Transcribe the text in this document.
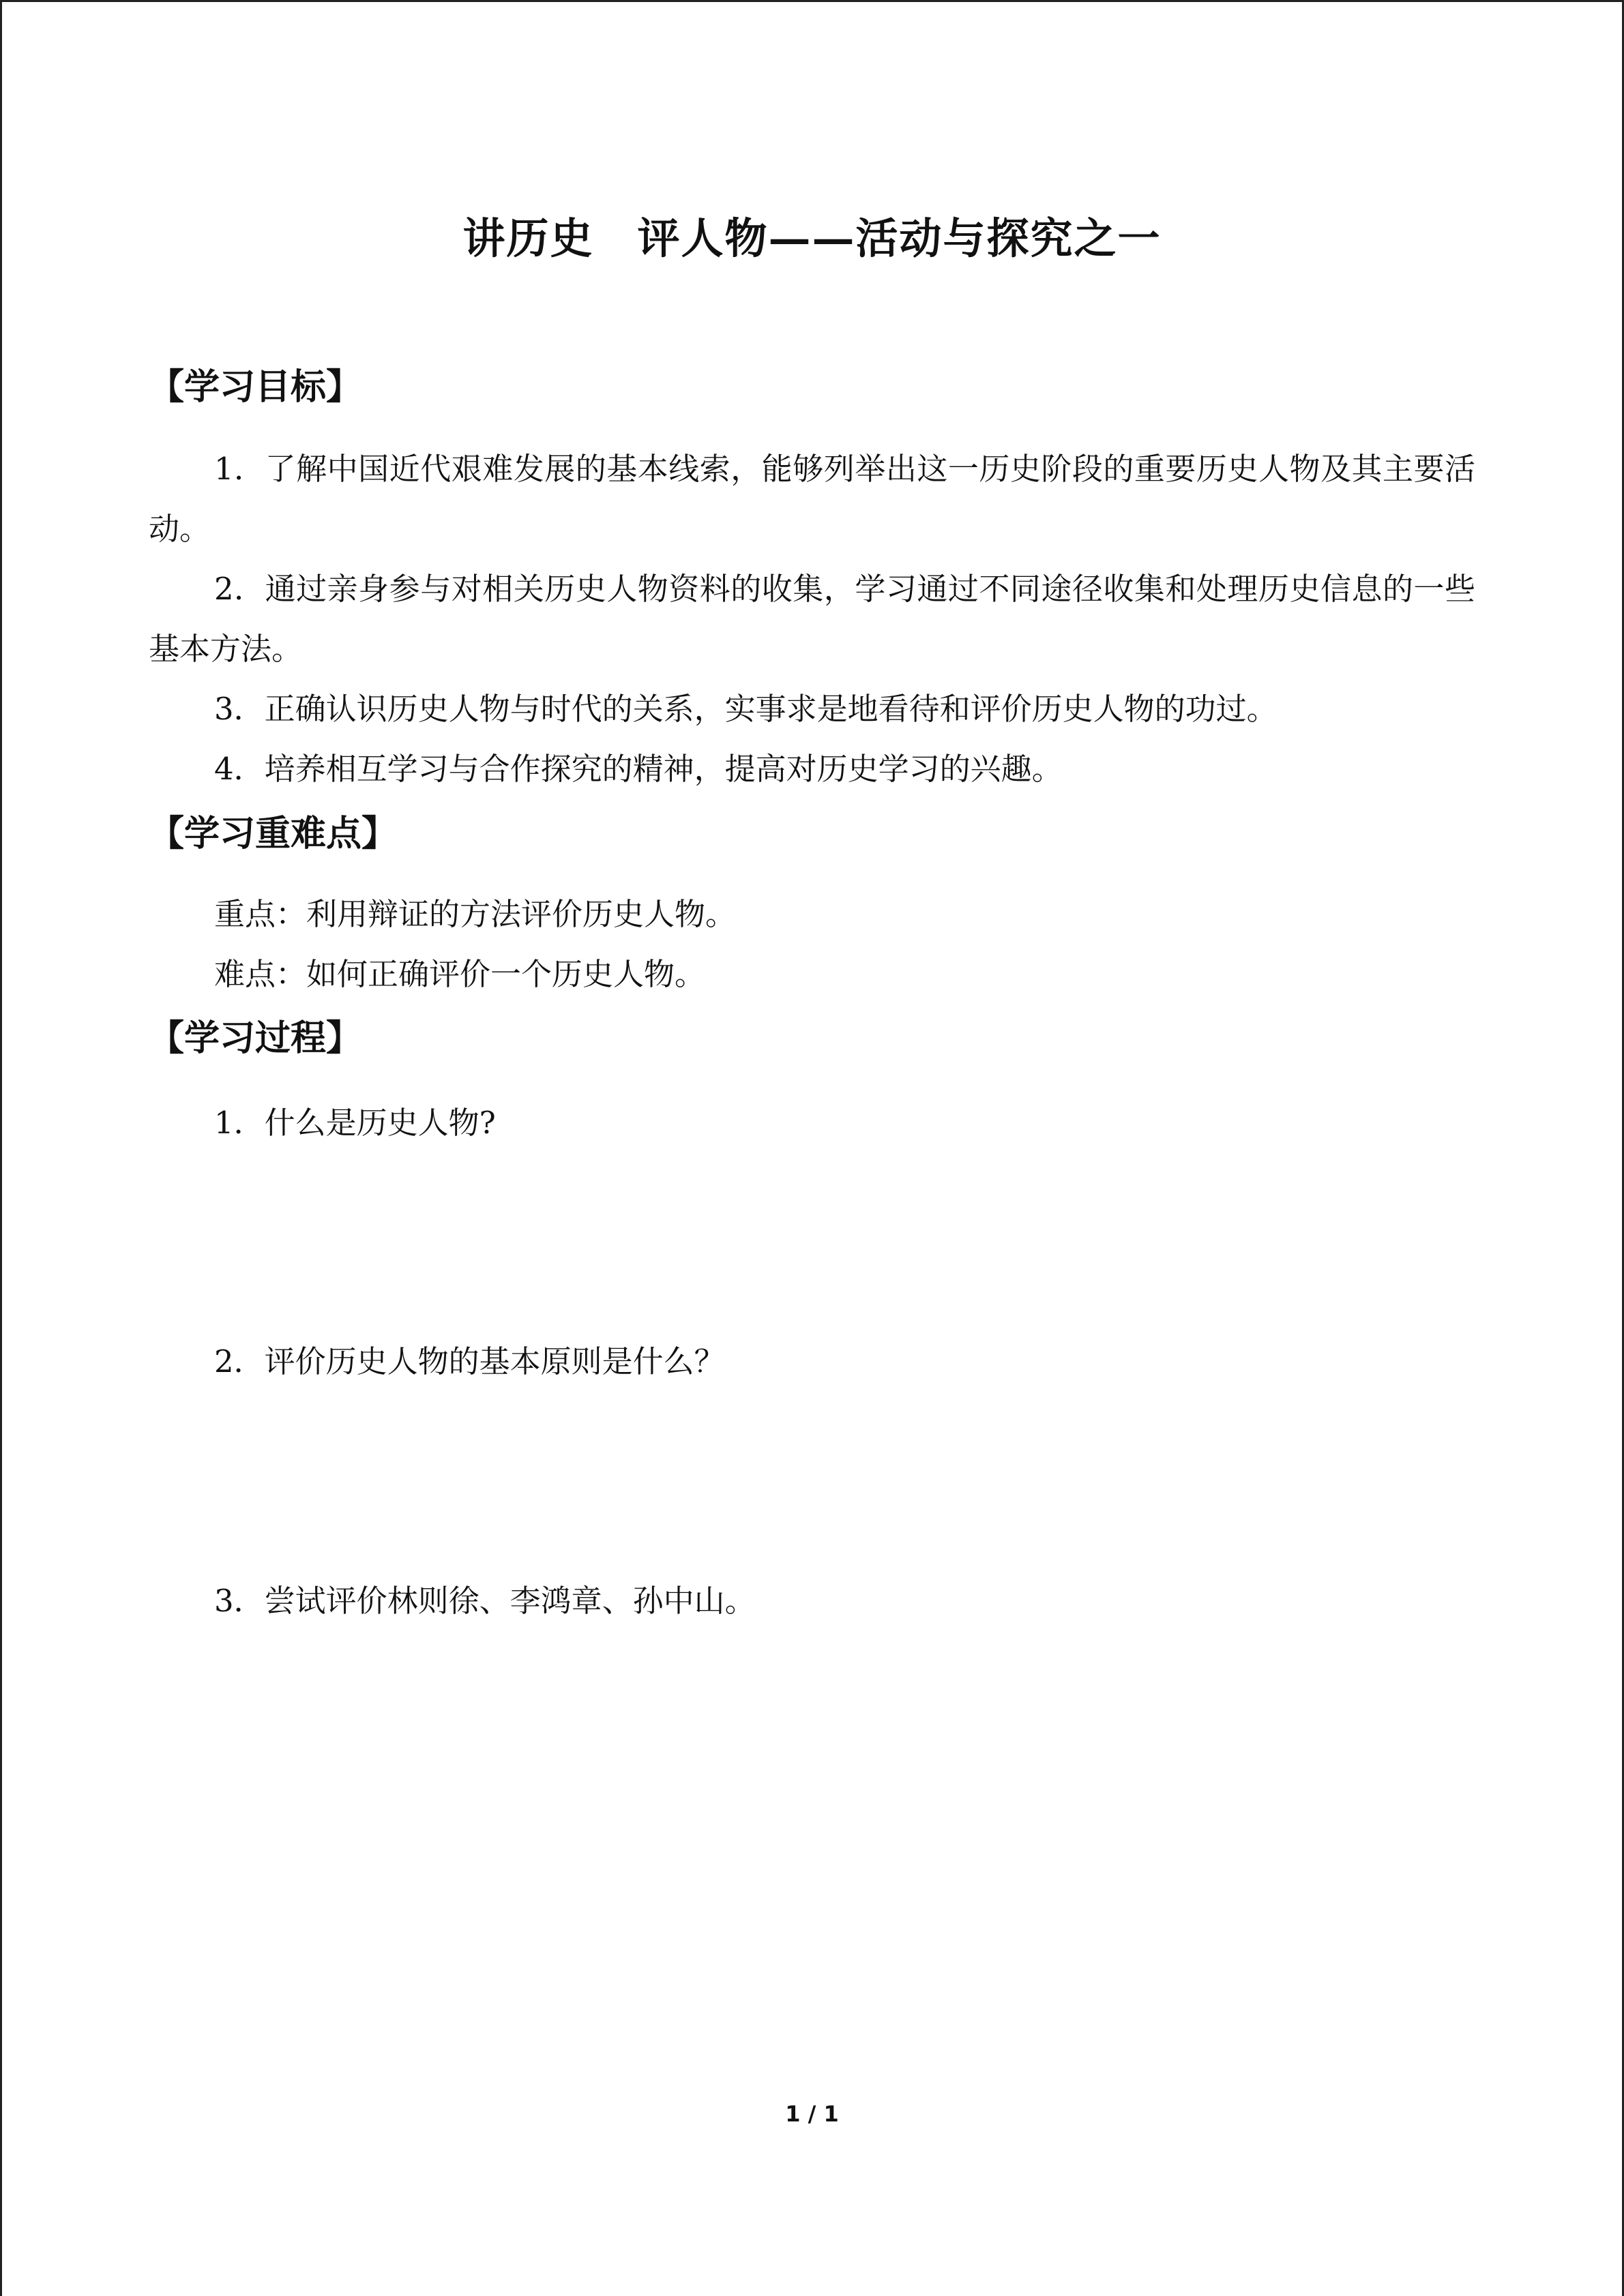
讲历史　评人物——活动与探究之一
【学习目标】
1．了解中国近代艰难发展的基本线索，能够列举出这一历史阶段的重要历史人物及其主要活动。
2．通过亲身参与对相关历史人物资料的收集，学习通过不同途径收集和处理历史信息的一些基本方法。
3．正确认识历史人物与时代的关系，实事求是地看待和评价历史人物的功过。
4．培养相互学习与合作探究的精神，提高对历史学习的兴趣。
【学习重难点】
重点：利用辩证的方法评价历史人物。
难点：如何正确评价一个历史人物。
【学习过程】
1．什么是历史人物?
2．评价历史人物的基本原则是什么？
3．尝试评价林则徐、李鸿章、孙中山。
1 / 1
